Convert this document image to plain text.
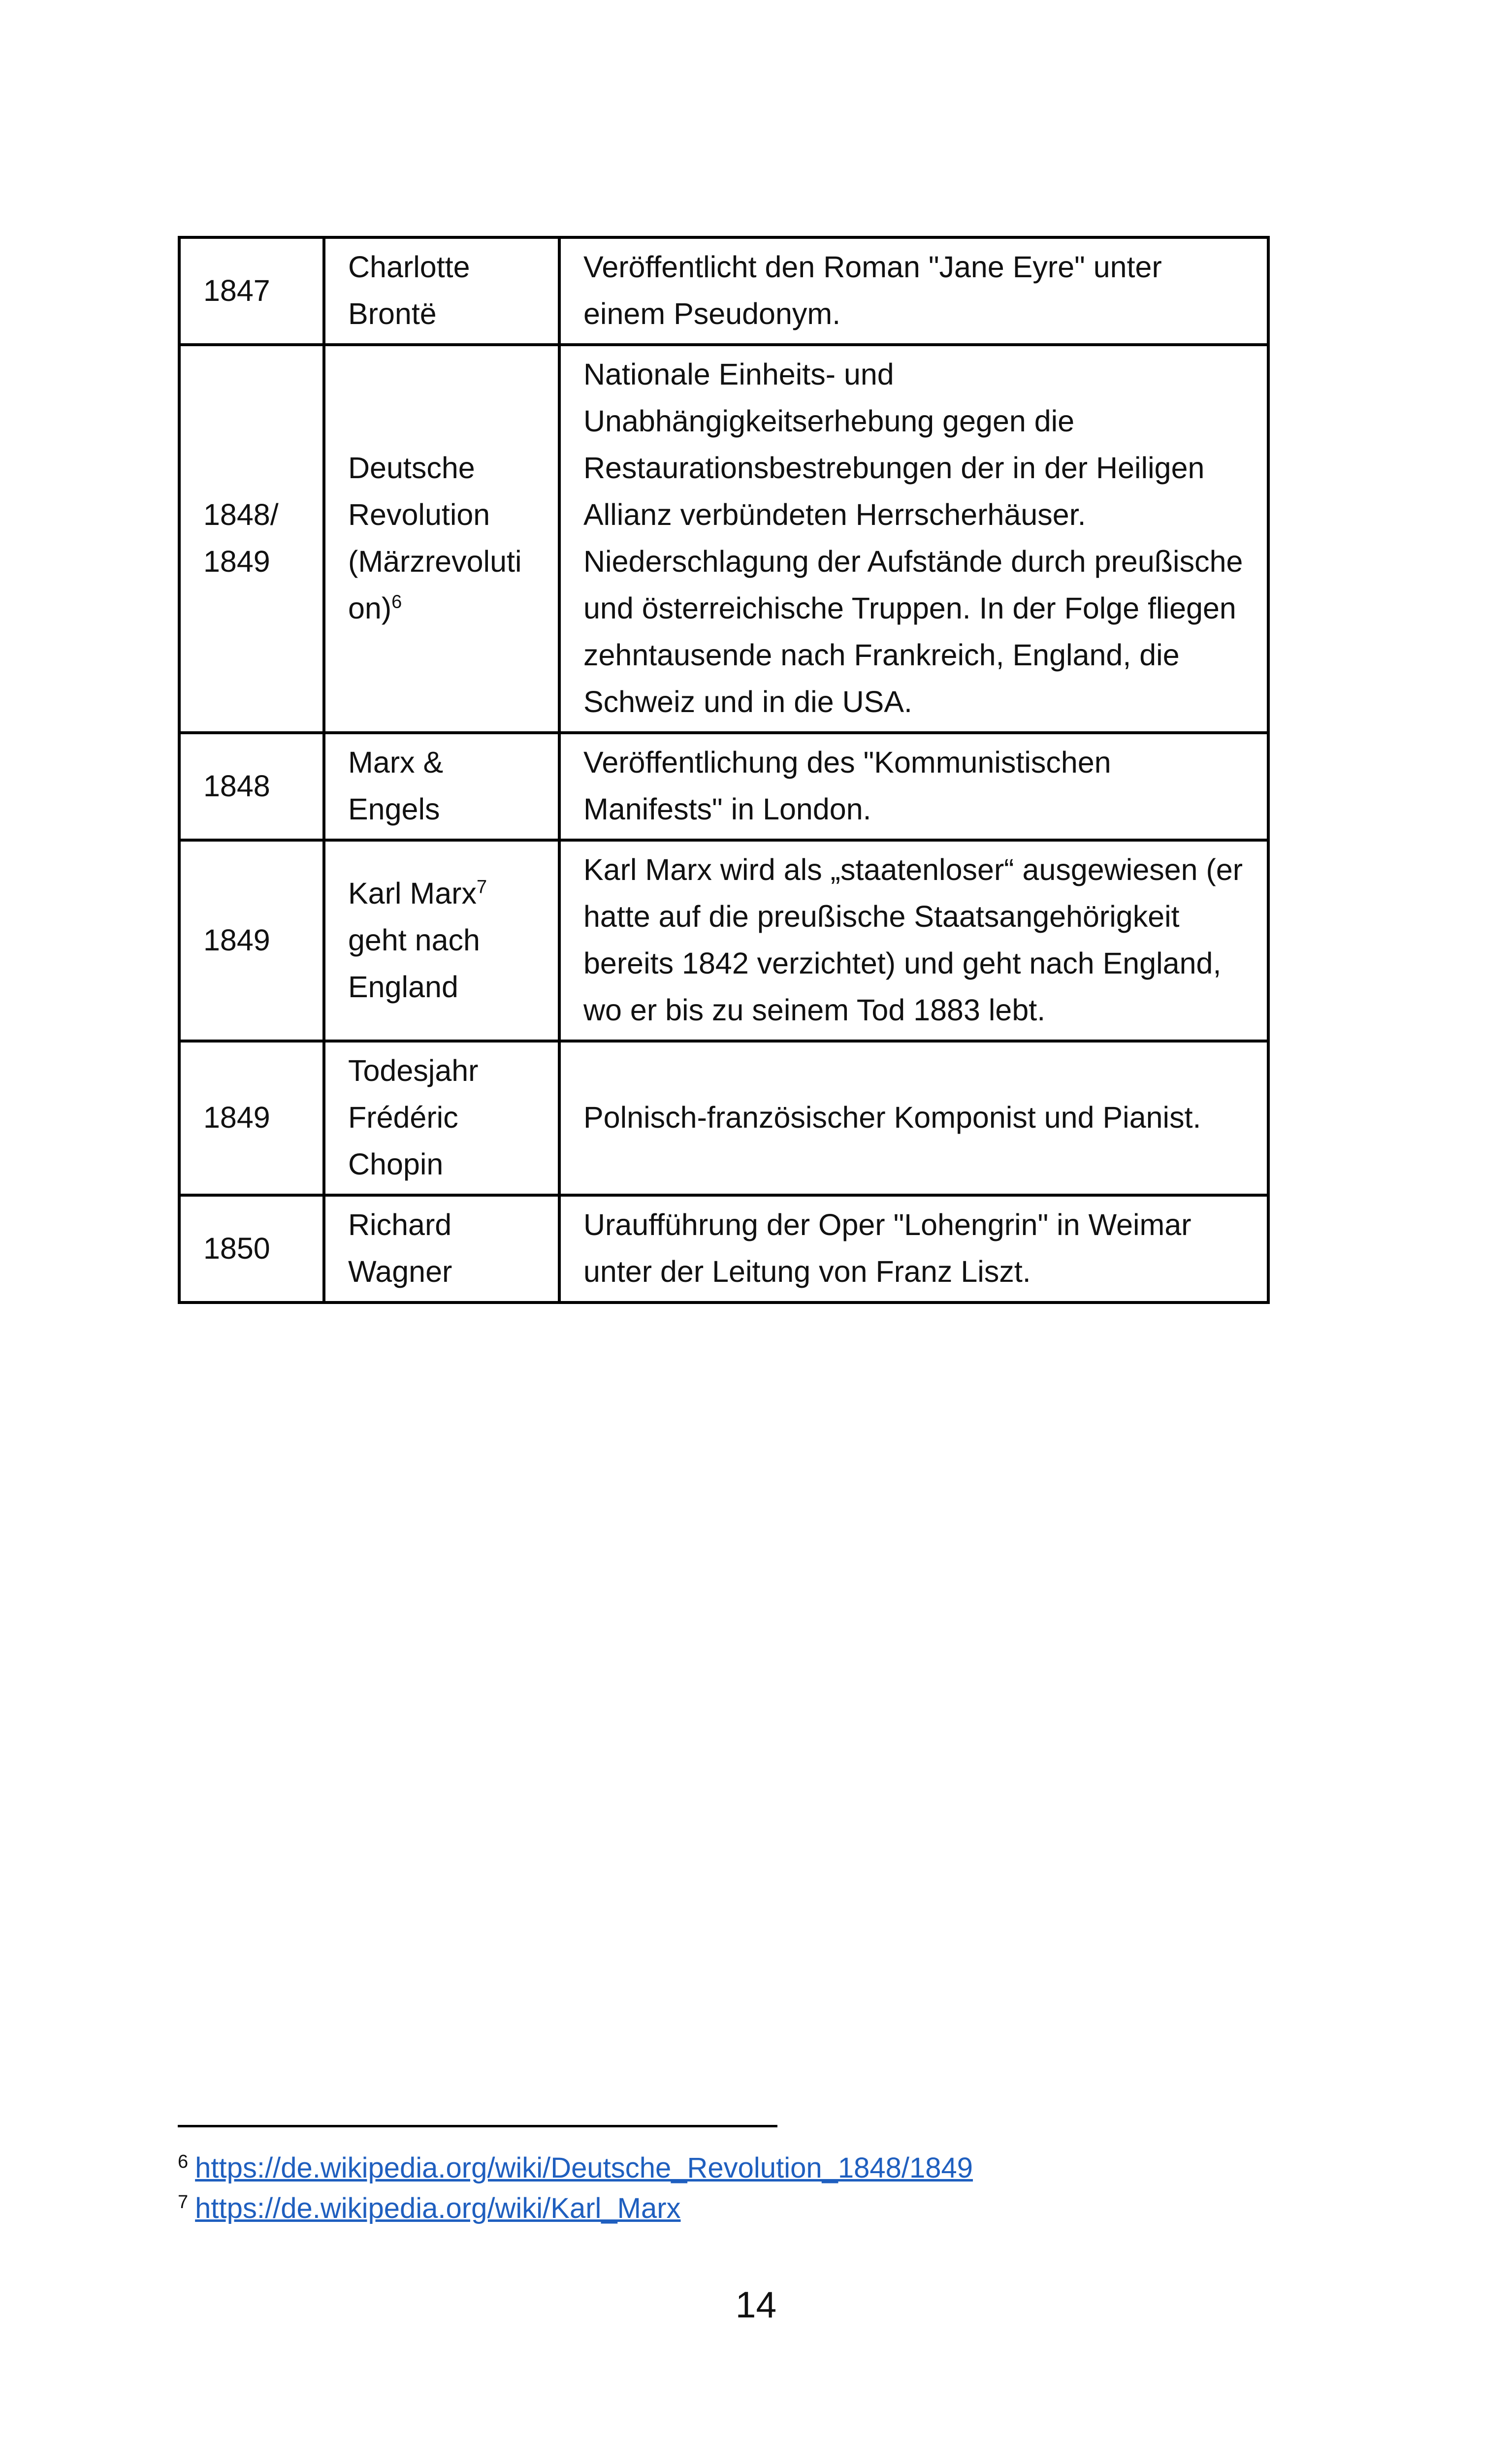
1847	Charlotte Brontë	Veröffentlicht den Roman "Jane Eyre" unter einem Pseudonym.
1848/ 1849	Deutsche Revolution (Märzrevolution)$^6$	Nationale Einheits- und Unabhängigkeitserhebung gegen die Restaurationsbestrebungen der in der Heiligen Allianz verbündeten Herrscherhäuser. Niederschlagung der Aufstände durch preußische und österreichische Truppen. In der Folge fliegen zehntausende nach Frankreich, England, die Schweiz und in die USA.
1848	Marx & Engels	Veröffentlichung des "Kommunistischen Manifests" in London.
1849	Karl Marx$^7$ geht nach England	Karl Marx wird als „staatenloser“ ausgewiesen (er hatte auf die preußische Staatsangehörigkeit bereits 1842 verzichtet) und geht nach England, wo er bis zu seinem Tod 1883 lebt.
1849	Todesjahr Frédéric Chopin	Polnisch-französischer Komponist und Pianist.
1850	Richard Wagner	Uraufführung der Oper "Lohengrin" in Weimar unter der Leitung von Franz Liszt.
$^6$ https://de.wikipedia.org/wiki/Deutsche_Revolution_1848/1849
$^7$ https://de.wikipedia.org/wiki/Karl_Marx
14
